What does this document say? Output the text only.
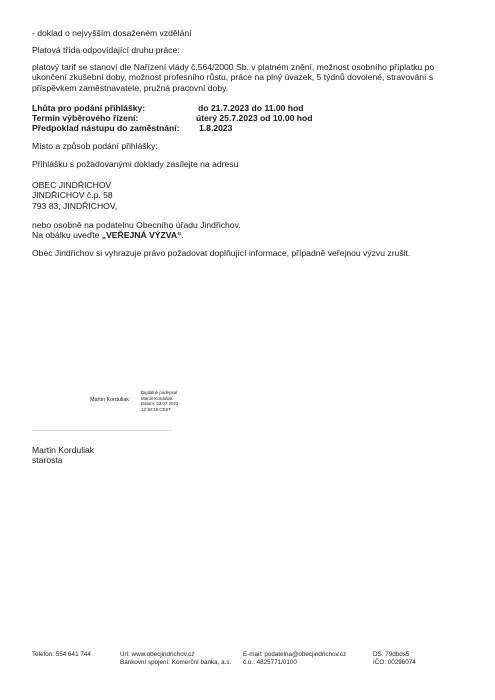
- doklad o nejvyšším dosaženém vzdělání

Platová třída odpovídající druhu práce:

platový tarif se stanoví dle Nařízení vlády č.564/2000 Sb. v platném znění, možnost osobního příplatku po
ukončení zkušební doby, možnost profesního růstu, práce na plný úvazek, 5 týdnů dovolené, stravování s
příspěvkem zaměstnavatele, pružná pracovní doby.
Lhůta pro podání přihlášky:	do 21.7.2023 do 11.00 hod
Termín výběrového řízení:	úterý 25.7.2023 od 10.00 hod
Předpoklad nástupu do zaměstnání: 1.8.2023

Místo a způsob podání přihlášky:

Přihlášku s požadovanými doklady zasílejte na adresu

OBEC JINDŘICHOV
JINDŘICHOV č.p. 58
793 83, JINDŘICHOV,

nebo osobně na podatelnu Obecního úřadu Jindřichov.

Na obálku uveďte „VEŘEJNÁ VÝZVA“.

Obec Jindřichov si vyhrazuje právo požadovat doplňující informace, případně veřejnou výzvu zrušit.

Martin Korduliak
Digitálně podepsal
Martin Korduliak
Datum: 03.07.2023
12:30:18 CEST
Martin Korduliak
starosta
Telefon: 554 641 744	Url: www.obecjindrichov.cz
Bankovní spojení: Komerční banka, a.s.
E-mail: podatelna@obecjindrichov.cz
č.ú.: 4825771/0100
DS: 79dbds5
IČO: 00296074
